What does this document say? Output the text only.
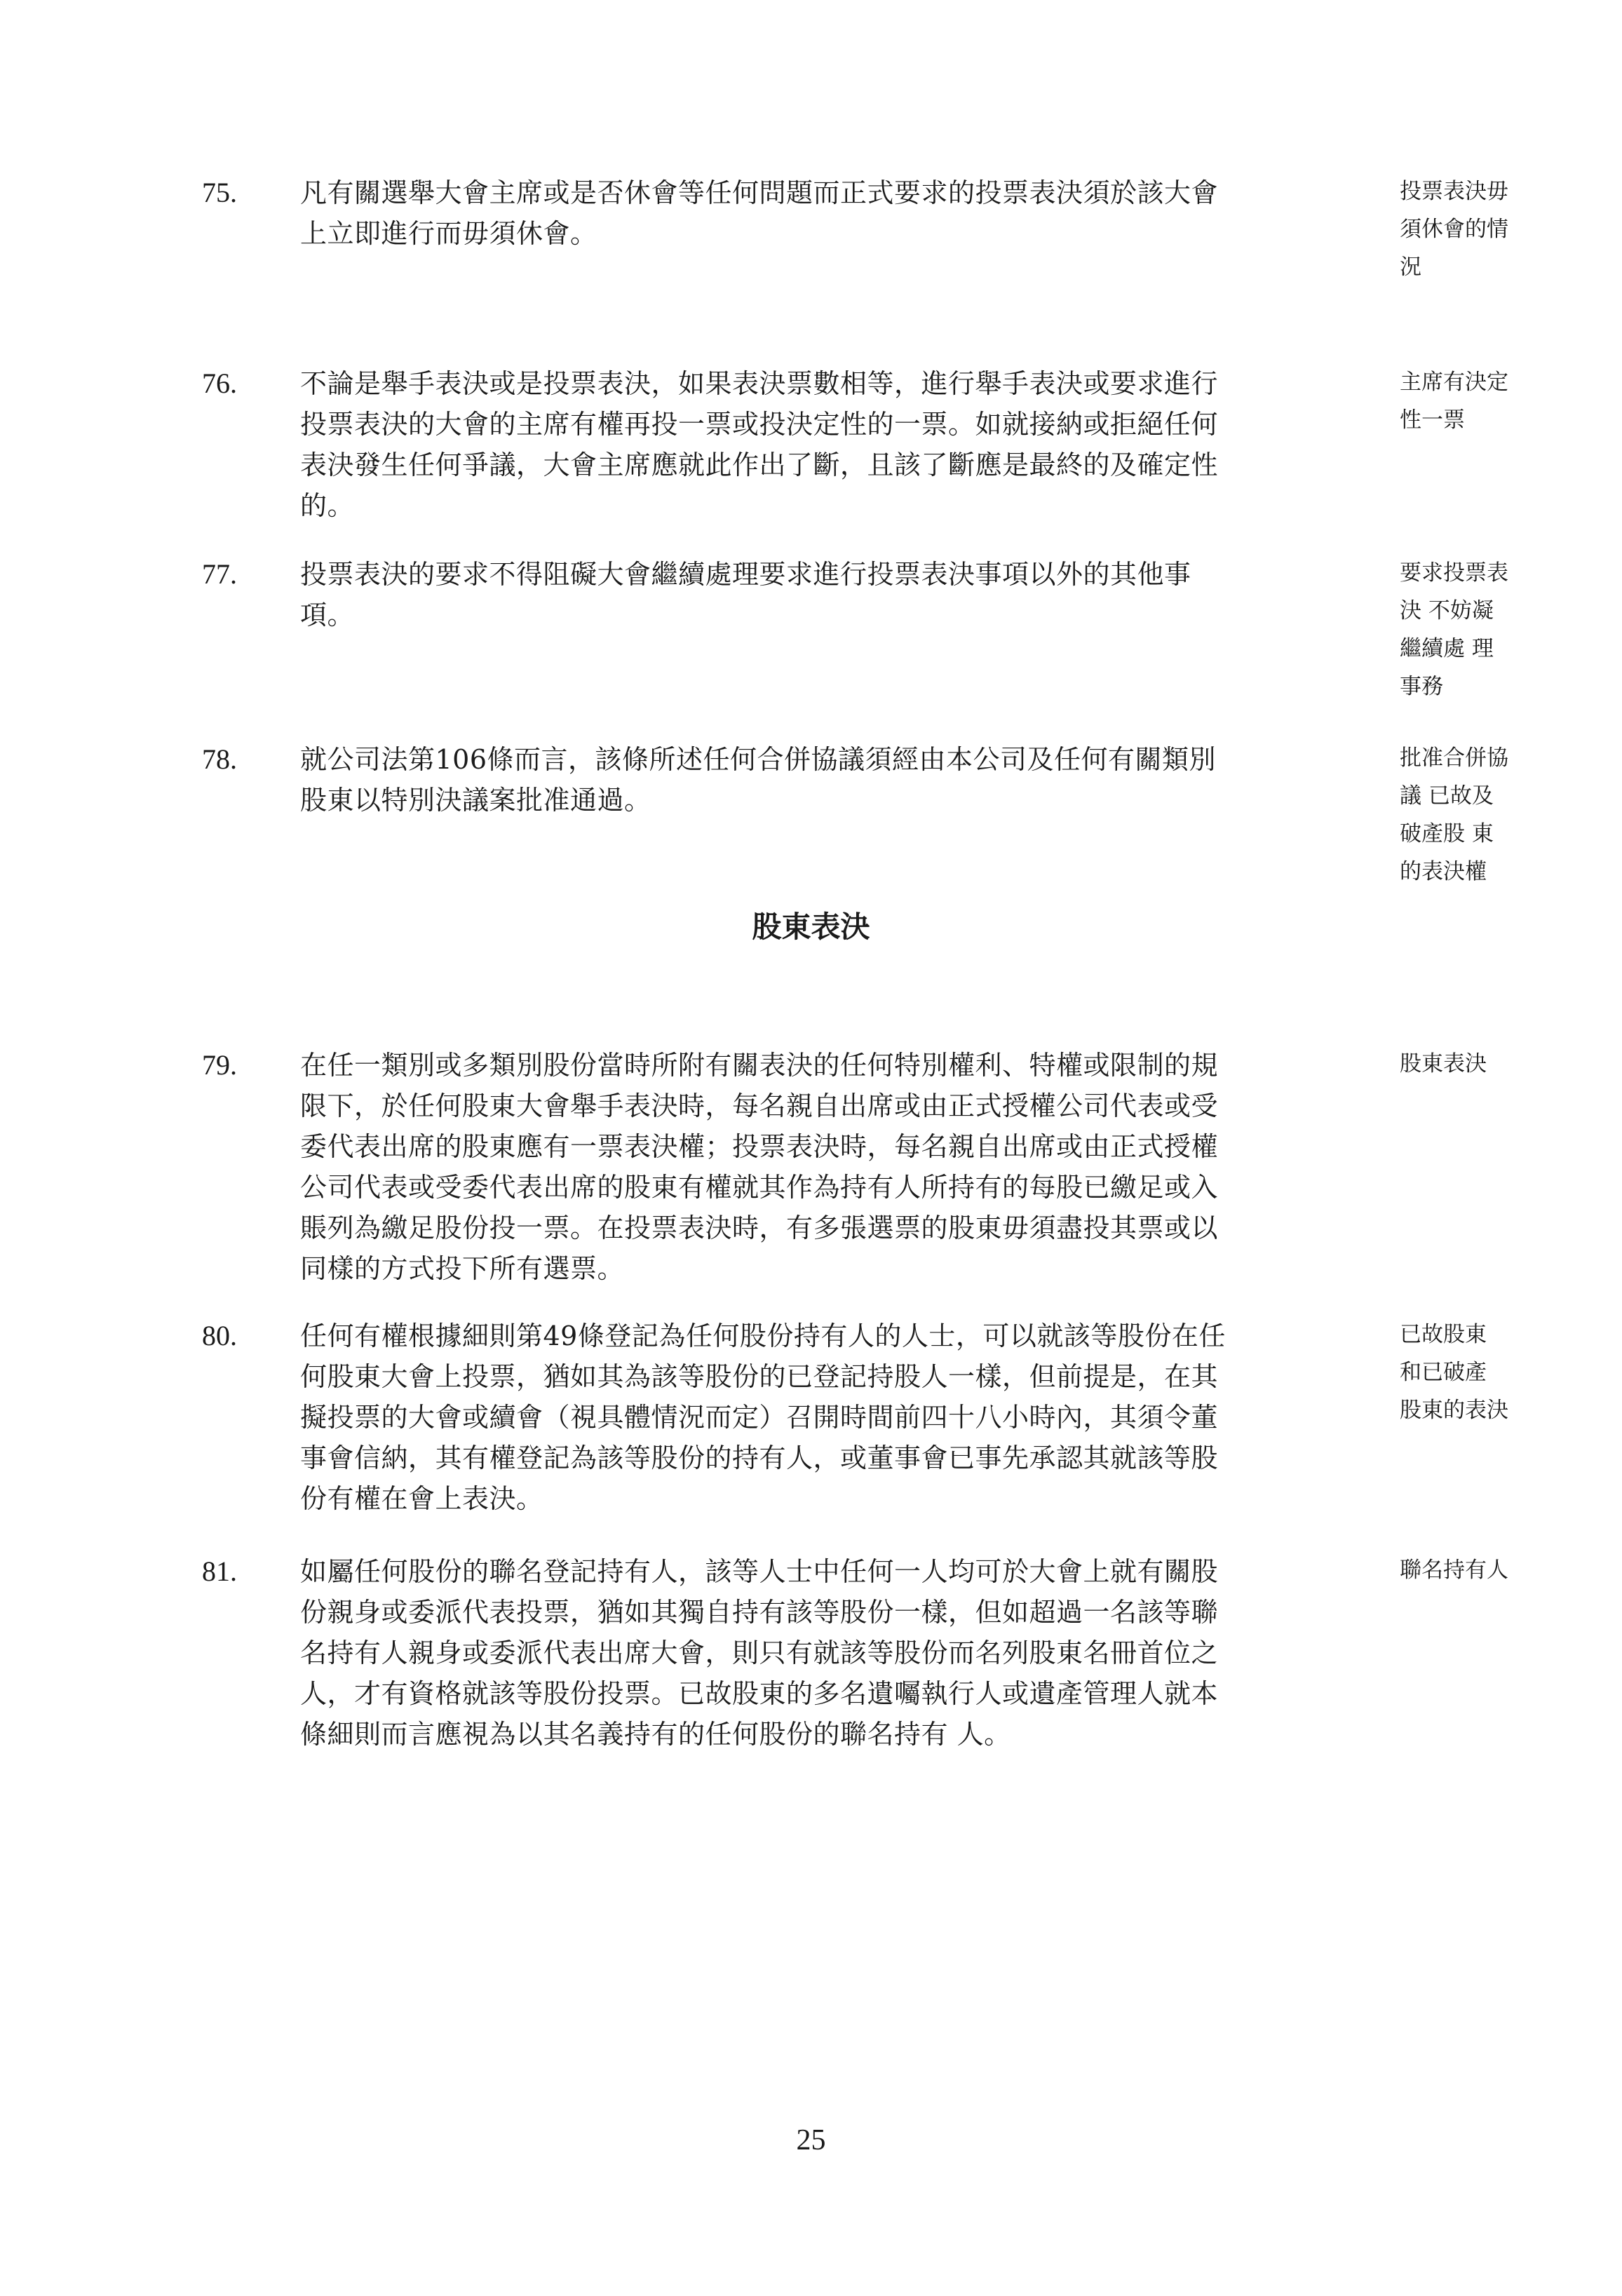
75. 凡有關選舉大會主席或是否休會等任何問題而正式要求的投票表決須於該大會
上立即進行而毋須休會。
投票表決毋
須休會的情
況
76. 不論是舉手表決或是投票表決，如果表決票數相等，進行舉手表決或要求進行
投票表決的大會的主席有權再投一票或投決定性的一票。如就接納或拒絕任何
表決發生任何爭議，大會主席應就此作出了斷，且該了斷應是最終的及確定性
的。
主席有決定
性一票
77. 投票表決的要求不得阻礙大會繼續處理要求進行投票表決事項以外的其他事
項。
要求投票表
決 不妨凝
繼續處 理
事務
78. 就公司法第106條而言，該條所述任何合併協議須經由本公司及任何有關類別
股東以特別決議案批准通過。
批准合併協
議 已故及
破產股 東
的表決權
股東表決
79. 在任一類別或多類別股份當時所附有關表決的任何特別權利、特權或限制的規
限下，於任何股東大會舉手表決時，每名親自出席或由正式授權公司代表或受
委代表出席的股東應有一票表決權；投票表決時，每名親自出席或由正式授權
公司代表或受委代表出席的股東有權就其作為持有人所持有的每股已繳足或入
賬列為繳足股份投一票。在投票表決時，有多張選票的股東毋須盡投其票或以
同樣的方式投下所有選票。
股東表決
80. 任何有權根據細則第49條登記為任何股份持有人的人士，可以就該等股份在任
何股東大會上投票，猶如其為該等股份的已登記持股人一樣，但前提是，在其
擬投票的大會或續會（視具體情況而定）召開時間前四十八小時內，其須令董
事會信納，其有權登記為該等股份的持有人，或董事會已事先承認其就該等股
份有權在會上表決。
已故股東
和已破產
股東的表決
81. 如屬任何股份的聯名登記持有人，該等人士中任何一人均可於大會上就有關股
份親身或委派代表投票，猶如其獨自持有該等股份一樣，但如超過一名該等聯
名持有人親身或委派代表出席大會，則只有就該等股份而名列股東名冊首位之
人，才有資格就該等股份投票。已故股東的多名遺囑執行人或遺產管理人就本
條細則而言應視為以其名義持有的任何股份的聯名持有 人。
聯名持有人
25
